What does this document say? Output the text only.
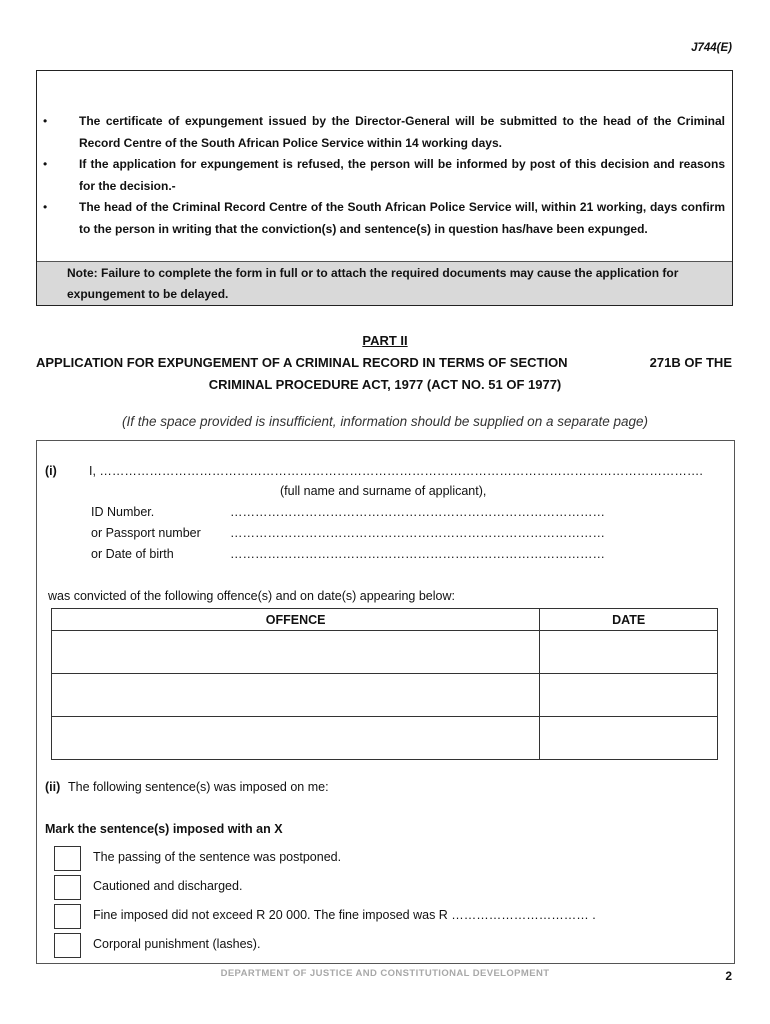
J744(E)
•	The certificate of expungement issued by the Director-General will be submitted to the head of the Criminal Record Centre of the South African Police Service within 14 working days.
•	If the application for expungement is refused, the person will be informed by post of this decision and reasons for the decision.-
•	The head of the Criminal Record Centre of the South African Police Service will, within 21 working, days confirm to the person in writing that the conviction(s) and sentence(s) in question has/have been expunged.
Note: Failure to complete the form in full or to attach the required documents may cause the application for expungement to be delayed.
PART II
APPLICATION FOR EXPUNGEMENT OF A CRIMINAL RECORD IN TERMS OF SECTION	271B OF THE
CRIMINAL PROCEDURE ACT, 1977 (ACT NO. 51 OF 1977)
(If the space provided is insufficient, information should be supplied on a separate page)
(i)	I, ……………………………………………………………………………………………………………………………….
(full name and surname of applicant),
ID Number.	………………………………………………………………………………
or Passport number ………………………………………………………………………………
or Date of birth	………………………………………………………………………………
was convicted of the following offence(s) and on date(s) appearing below:
OFFENCE	DATE

(ii) The following sentence(s) was imposed on me:
Mark the sentence(s) imposed with an X
The passing of the sentence was postponed.
Cautioned and discharged.
Fine imposed did not exceed R 20 000. The fine imposed was R …………………………… .
Corporal punishment (lashes).
DEPARTMENT OF JUSTICE AND CONSTITUTIONAL DEVELOPMENT	2
